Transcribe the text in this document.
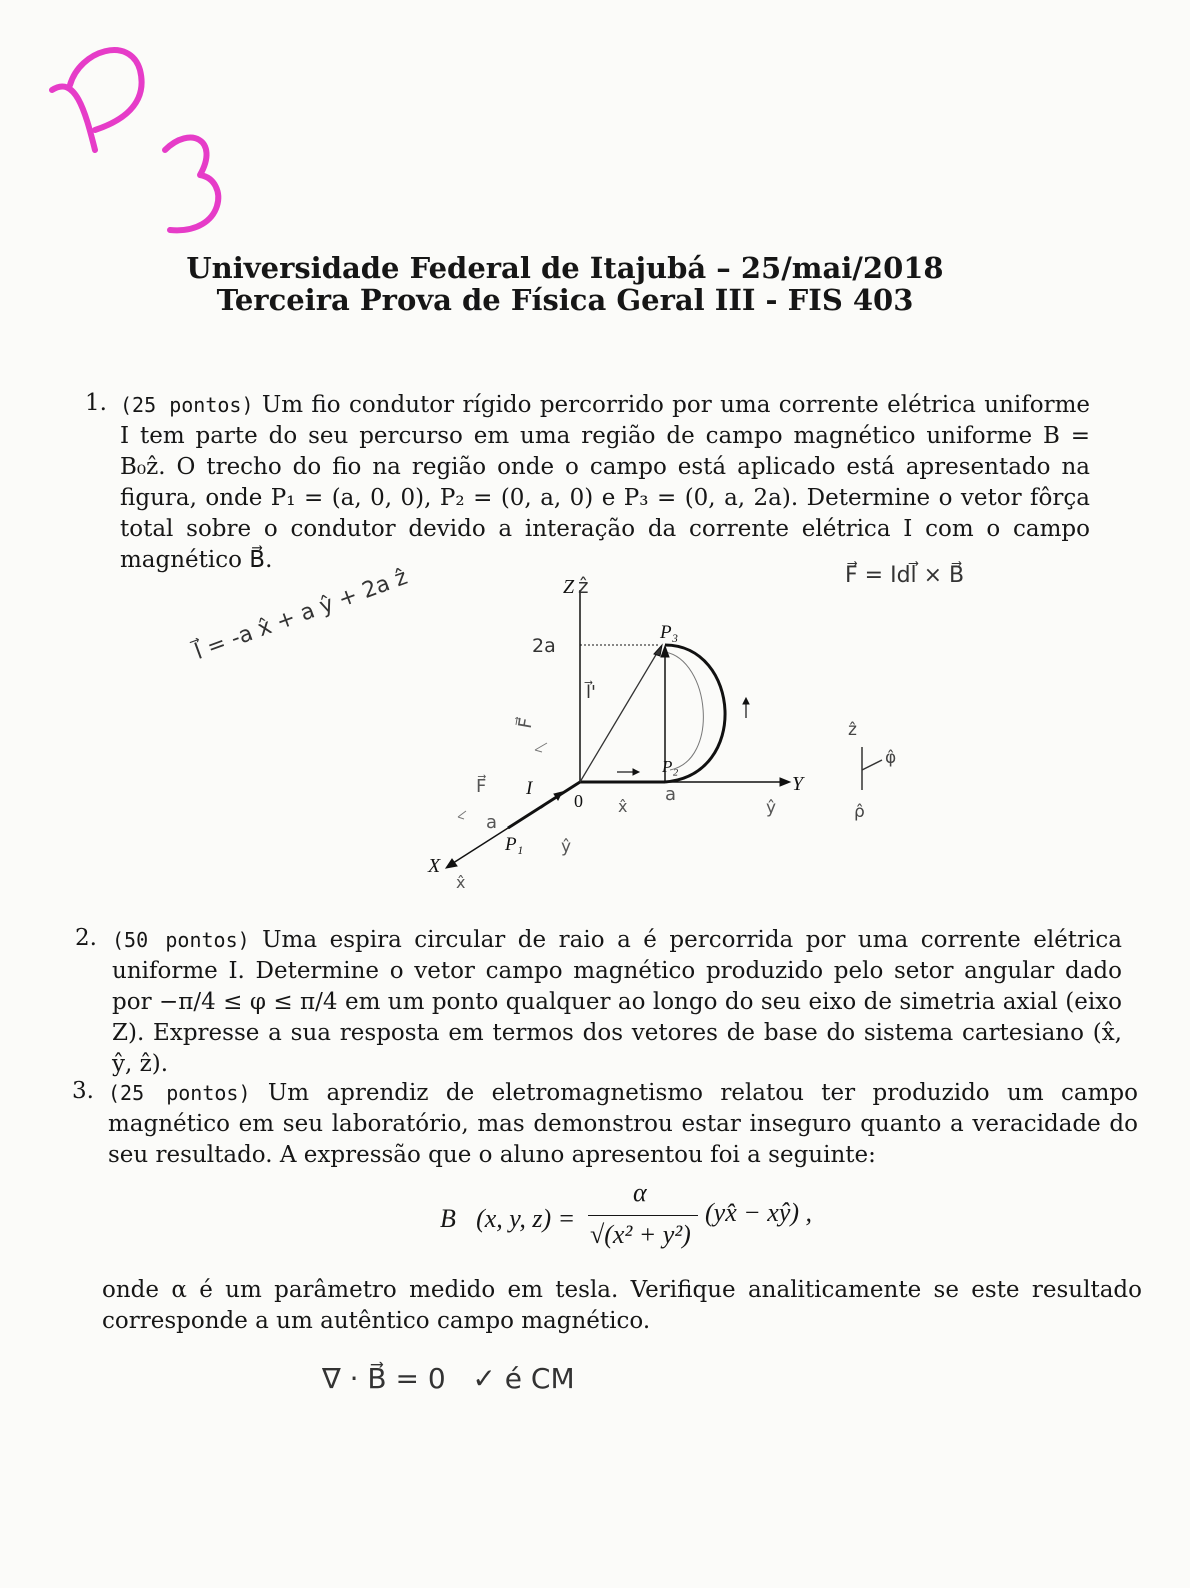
Universidade Federal de Itajubá – 25/mai/2018
Terceira Prova de Física Geral III - FIS 403
1. (25 pontos) Um fio condutor rígido percorrido por uma corrente elétrica uniforme I tem parte do seu percurso em uma região de campo magnético uniforme B = B₀ẑ. O trecho do fio na região onde o campo está aplicado está apresentado na figura, onde P₁ = (a, 0, 0), P₂ = (0, a, 0) e P₃ = (0, a, 2a). Determine o vetor fôrça total sobre o condutor devido a interação da corrente elétrica I com o campo magnético B⃗.
F⃗ = Idl⃗ × B⃗
l⃗ = -a x̂ + a ŷ + 2a ẑ	Z
Y
X
0
I
P₁
P₂
P₃
ẑ
2a
l⃗'
F⃗
F⃗
a
a
x̂
x̂
ŷ
ŷ
ẑ
φ̂
ρ̂
2. (50 pontos) Uma espira circular de raio a é percorrida por uma corrente elétrica uniforme I. Determine o vetor campo magnético produzido pelo setor angular dado por −π/4 ≤ φ ≤ π/4 em um ponto qualquer ao longo do seu eixo de simetria axial (eixo Z). Expresse a sua resposta em termos dos vetores de base do sistema cartesiano (x̂, ŷ, ẑ).
3. (25 pontos) Um aprendiz de eletromagnetismo relatou ter produzido um campo magnético em seu laboratório, mas demonstrou estar inseguro quanto a veracidade do seu resultado. A expressão que o aluno apresentou foi a seguinte:
B⃗(x, y, z) =
α
√(x² + y²)
(yx̂ − xŷ) ,
onde α é um parâmetro medido em tesla. Verifique analiticamente se este resultado corresponde a um autêntico campo magnético.
∇ · B⃗ = 0   ✓ é CM
